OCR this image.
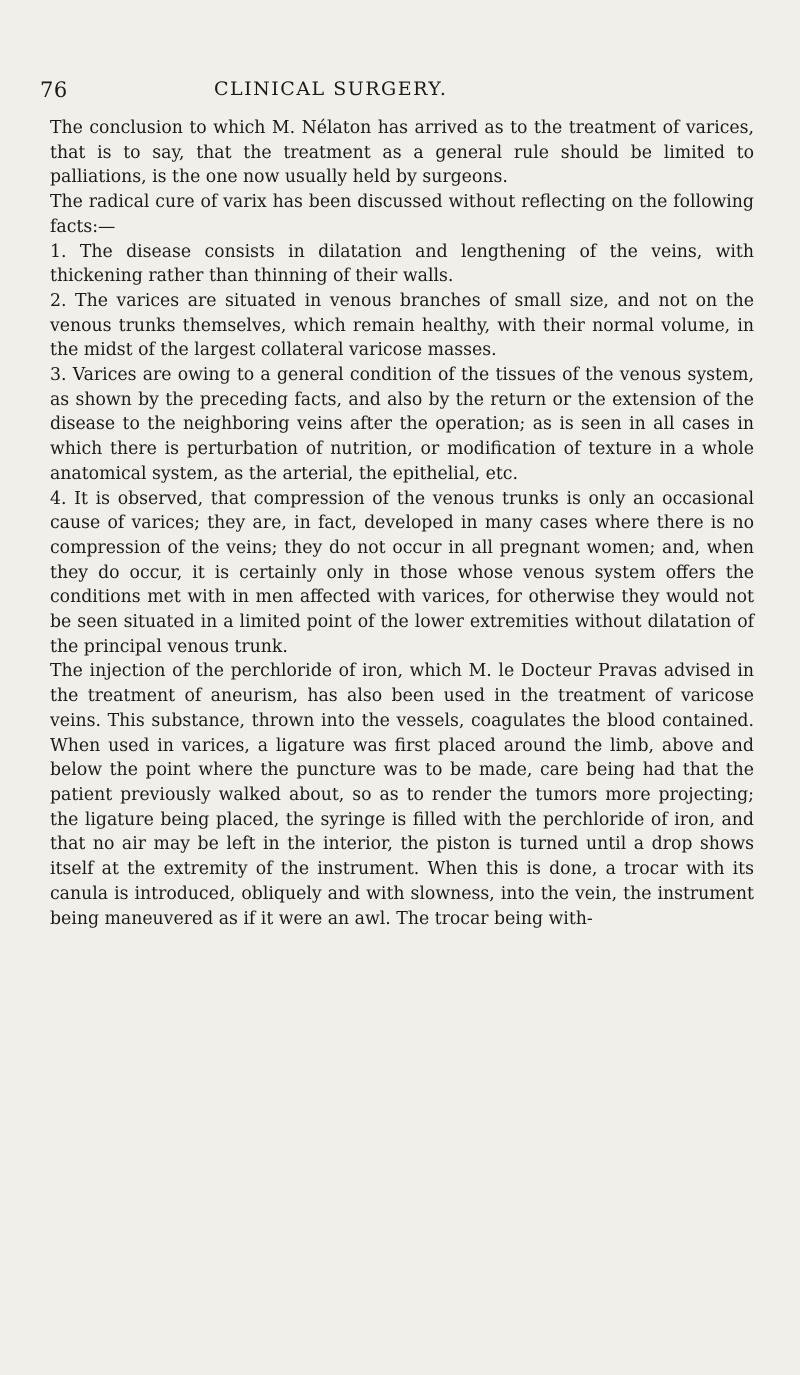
76	CLINICAL SURGERY.

The conclusion to which M. Nélaton has arrived as to the treatment of varices, that is to say, that the treatment as a general rule should be limited to palliations, is the one now usually held by surgeons.

The radical cure of varix has been discussed without reflecting on the following facts:—

1. The disease consists in dilatation and lengthening of the veins, with thickening rather than thinning of their walls.

2. The varices are situated in venous branches of small size, and not on the venous trunks themselves, which remain healthy, with their normal volume, in the midst of the largest collateral varicose masses.

3. Varices are owing to a general condition of the tissues of the venous system, as shown by the preceding facts, and also by the return or the extension of the disease to the neighboring veins after the operation; as is seen in all cases in which there is perturbation of nutrition, or modification of texture in a whole anatomical system, as the arterial, the epithelial, etc.

4. It is observed, that compression of the venous trunks is only an occasional cause of varices; they are, in fact, developed in many cases where there is no compression of the veins; they do not occur in all pregnant women; and, when they do occur, it is certainly only in those whose venous system offers the conditions met with in men affected with varices, for otherwise they would not be seen situated in a limited point of the lower extremities without dilatation of the principal venous trunk.

The injection of the perchloride of iron, which M. le Docteur Pravas advised in the treatment of aneurism, has also been used in the treatment of varicose veins. This substance, thrown into the vessels, coagulates the blood contained. When used in varices, a ligature was first placed around the limb, above and below the point where the puncture was to be made, care being had that the patient previously walked about, so as to render the tumors more projecting; the ligature being placed, the syringe is filled with the perchloride of iron, and that no air may be left in the interior, the piston is turned until a drop shows itself at the extremity of the instrument. When this is done, a trocar with its canula is introduced, obliquely and with slowness, into the vein, the instrument being maneuvered as if it were an awl. The trocar being with-
